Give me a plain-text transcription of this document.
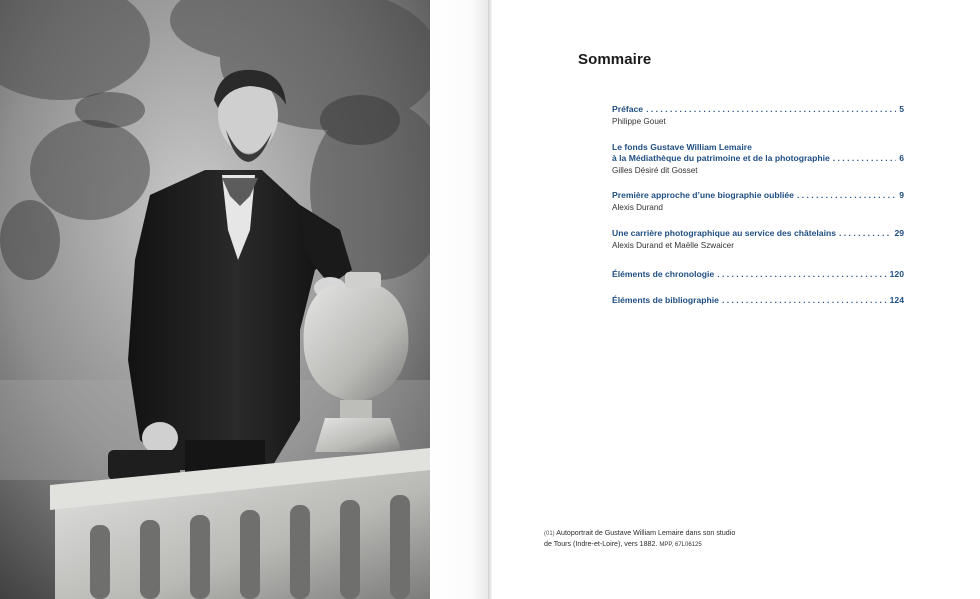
Sommaire
Préface . . .	5
Philippe Gouet
Le fonds Gustave William Lemaire
à la Médiathèque du patrimoine et de la photographie . . .	6
Gilles Désiré dit Gosset
Première approche d’une biographie oubliée . . .	9
Alexis Durand
Une carrière photographique au service des châtelains . . .	29
Alexis Durand et Maëlle Szwaicer
Éléments de chronologie . . .	120
Éléments de bibliographie . . .	124
(01) Autoportrait de Gustave William Lemaire dans son studio
de Tours (Indre-et-Loire), vers 1882. MPP, 67L06125
